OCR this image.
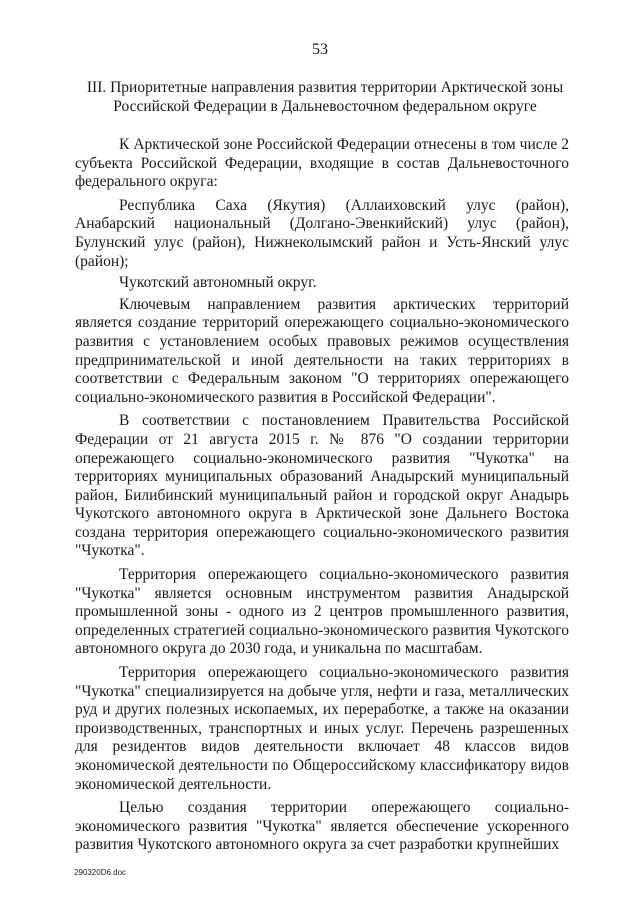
53
III. Приоритетные направления развития территории Арктической зоны
Российской Федерации в Дальневосточном федеральном округе

К Арктической зоне Российской Федерации отнесены в том числе 2 субъекта Российской Федерации, входящие в состав Дальневосточного федерального округа:

Республика Саха (Якутия) (Аллаиховский улус (район), Анабарский национальный (Долгано-Эвенкийский) улус (район), Булунский улус (район), Нижнеколымский район и Усть-Янский улус (район);

Чукотский автономный округ.

Ключевым направлением развития арктических территорий является создание территорий опережающего социально-экономического развития с установлением особых правовых режимов осуществления предпринимательской и иной деятельности на таких территориях в соответствии с Федеральным законом "О территориях опережающего социально-экономического развития в Российской Федерации".

В соответствии с постановлением Правительства Российской Федерации от 21 августа 2015 г. № 876 "О создании территории опережающего социально-экономического развития "Чукотка" на территориях муниципальных образований Анадырский муниципальный район, Билибинский муниципальный район и городской округ Анадырь Чукотского автономного округа в Арктической зоне Дальнего Востока создана территория опережающего социально-экономического развития "Чукотка".

Территория опережающего социально-экономического развития "Чукотка" является основным инструментом развития Анадырской промышленной зоны - одного из 2 центров промышленного развития, определенных стратегией социально-экономического развития Чукотского автономного округа до 2030 года, и уникальна по масштабам.

Территория опережающего социально-экономического развития "Чукотка" специализируется на добыче угля, нефти и газа, металлических руд и других полезных ископаемых, их переработке, а также на оказании производственных, транспортных и иных услуг. Перечень разрешенных для резидентов видов деятельности включает 48 классов видов экономической деятельности по Общероссийскому классификатору видов экономической деятельности.

Целью создания территории опережающего социально-экономического развития "Чукотка" является обеспечение ускоренного развития Чукотского автономного округа за счет разработки крупнейших

290320D6.doc
